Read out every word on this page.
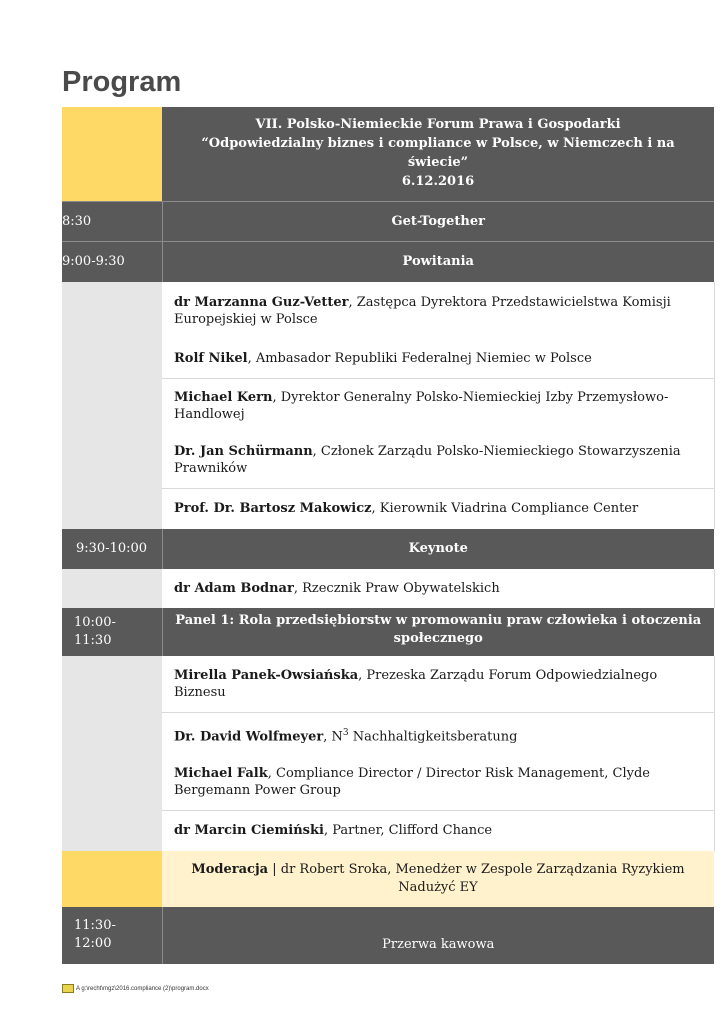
Program

	VII. Polsko-Niemieckie Forum Prawa i Gospodarki
“Odpowiedzialny biznes i compliance w Polsce, w Niemczech i na świecie”
6.12.2016

8:30	Get-Together
9:00-9:30	Powitania
	dr Marzanna Guz-Vetter, Zastępca Dyrektora Przedstawicielstwa Komisji Europejskiej w Polsce
	Rolf Nikel, Ambasador Republiki Federalnej Niemiec w Polsce
	Michael Kern, Dyrektor Generalny Polsko-Niemieckiej Izby Przemysłowo-Handlowej
	Dr. Jan Schürmann, Członek Zarządu Polsko-Niemieckiego Stowarzyszenia Prawników
	Prof. Dr. Bartosz Makowicz, Kierownik Viadrina Compliance Center
9:30-10:00	Keynote
	dr Adam Bodnar, Rzecznik Praw Obywatelskich
10:00-
11:30	Panel 1: Rola przedsiębiorstw w promowaniu praw człowieka i otoczenia społecznego
	Mirella Panek-Owsiańska, Prezeska Zarządu Forum Odpowiedzialnego Biznesu
	Dr. David Wolfmeyer, $N^3$ Nachhaltigkeitsberatung
	Michael Falk, Compliance Director / Director Risk Management, Clyde Bergemann Power Group
	dr Marcin Ciemiński, Partner, Clifford Chance
	Moderacja | dr Robert Sroka, Menedżer w Zespole Zarządzania Ryzykiem Nadużyć EY
11:30-
12:00	Przerwa kawowa
A g:\recht\mgz\2016.compliance (2)\program.docx
